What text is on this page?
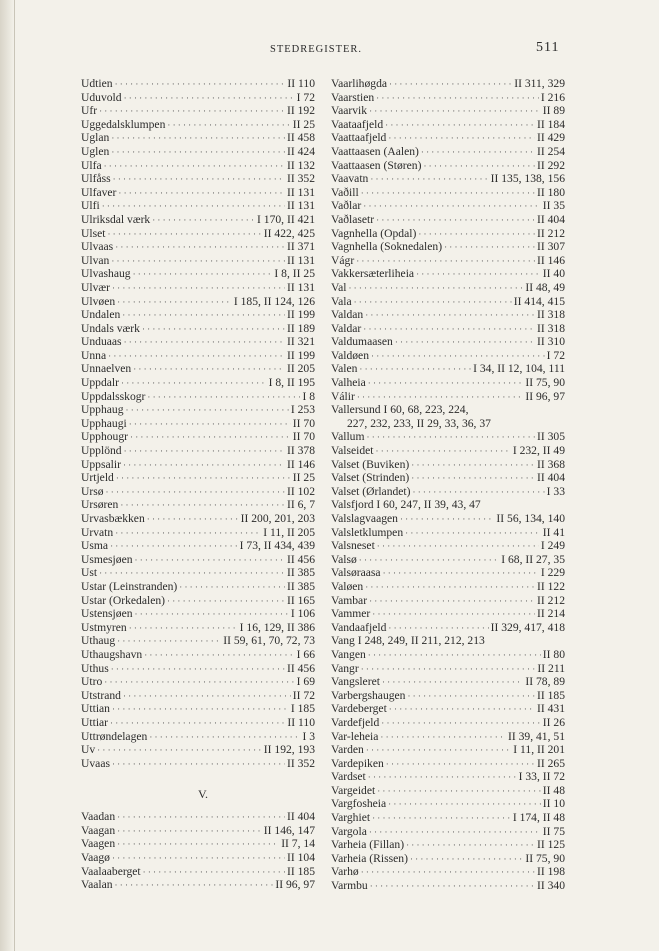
STEDREGISTER.	511
Udtien ·····	II 110
Uduvold ·····	I 72
Ufr ·····	II 192
Uggedalsklumpen ·····	II 25
Uglan ·····	II 458
Uglen ·····	II 424
Ulfa ·····	II 132
Ulfåss ·····	II 352
Ulfaver ·····	II 131
Ulfi ·····	II 131
Ulriksdal værk ·····	I 170, II 421
Ulset ·····	II 422, 425
Ulvaas ·····	II 371
Ulvan ·····	II 131
Ulvashaug ·····	I 8, II 25
Ulvær ·····	II 131
Ulvøen ·····	I 185, II 124, 126
Undalen ·····	II 199
Undals værk ·····	II 189
Unduaas ·····	II 321
Unna ·····	II 199
Unnaelven ·····	II 205
Uppdalr ·····	I 8, II 195
Uppdalsskogr ·····	I 8
Upphaug ·····	I 253
Upphaugi ·····	II 70
Upphougr ·····	II 70
Upplönd ·····	II 378
Uppsalir ·····	II 146
Urtjeld ·····	II 25
Ursø ·····	II 102
Ursøren ·····	II 6, 7
Urvasbækken ·····	II 200, 201, 203
Urvatn ·····	I 11, II 205
Usma ·····	I 73, II 434, 439
Usmesjøen ·····	II 456
Ust ·····	II 385
Ustar (Leinstranden) ·····	II 385
Ustar (Orkedalen) ·····	II 165
Ustensjøen ·····	I 106
Ustmyren ·····	I 16, 129, II 386
Uthaug ·····	II 59, 61, 70, 72, 73
Uthaugshavn ·····	I 66
Uthus ·····	II 456
Utro ·····	I 69
Utstrand ·····	II 72
Uttian ·····	I 185
Uttiar ·····	II 110
Uttrøndelagen ·····	I 3
Uv ·····	II 192, 193
Uvaas ·····	II 352
V.
Vaadan ·····	II 404
Vaagan ·····	II 146, 147
Vaagen ·····	II 7, 14
Vaagø ·····	II 104
Vaalaaberget ·····	II 185
Vaalan ·····	II 96, 97
Vaarlihøgda ·····	II 311, 329
Vaarstien ·····	I 216
Vaarvik ·····	II 89
Vaataafjeld ·····	II 184
Vaattaafjeld ·····	II 429
Vaattaasen (Aalen) ·····	II 254
Vaattaasen (Støren) ·····	II 292
Vaavatn ·····	II 135, 138, 156
Vaðill ·····	II 180
Vaðlar ·····	II 35
Vaðlasetr ·····	II 404
Vagnhella (Opdal) ·····	II 212
Vagnhella (Soknedalen) ·····	II 307
Vágr ·····	II 146
Vakkersæterliheia ·····	II 40
Val ·····	II 48, 49
Vala ·····	II 414, 415
Valdan ·····	II 318
Valdar ·····	II 318
Valdumaasen ·····	II 310
Valdøen ·····	I 72
Valen ·····	I 34, II 12, 104, 111
Valheia ·····	II 75, 90
Válir ·····	II 96, 97
Vallersund I 60, 68, 223, 224,
227, 232, 233, II 29, 33, 36, 37
Vallum ·····	II 305
Valseidet ·····	I 232, II 49
Valset (Buviken) ·····	II 368
Valset (Strinden) ·····	II 404
Valset (Ørlandet) ·····	I 33
Valsfjord I 60, 247, II 39, 43, 47
Valslagvaagen ·····	II 56, 134, 140
Valsletklumpen ·····	II 41
Valsneset ·····	I 249
Valsø ·····	I 68, II 27, 35
Valsøraasa ·····	I 229
Valøen ·····	II 122
Vambar ·····	II 212
Vammer ·····	II 214
Vandaafjeld ·····	II 329, 417, 418
Vang I 248, 249, II 211, 212, 213
Vangen ·····	II 80
Vangr ·····	II 211
Vangsleret ·····	II 78, 89
Varbergshaugen ·····	II 185
Vardeberget ·····	II 431
Vardefjeld ·····	II 26
Var-leheia ·····	II 39, 41, 51
Varden ·····	I 11, II 201
Vardepiken ·····	II 265
Vardset ·····	I 33, II 72
Vargeidet ·····	II 48
Vargfosheia ·····	II 10
Varghiet ·····	I 174, II 48
Vargola ·····	II 75
Varheia (Fillan) ·····	II 125
Varheia (Rissen) ·····	II 75, 90
Varhø ·····	II 198
Varmbu ·····	II 340
